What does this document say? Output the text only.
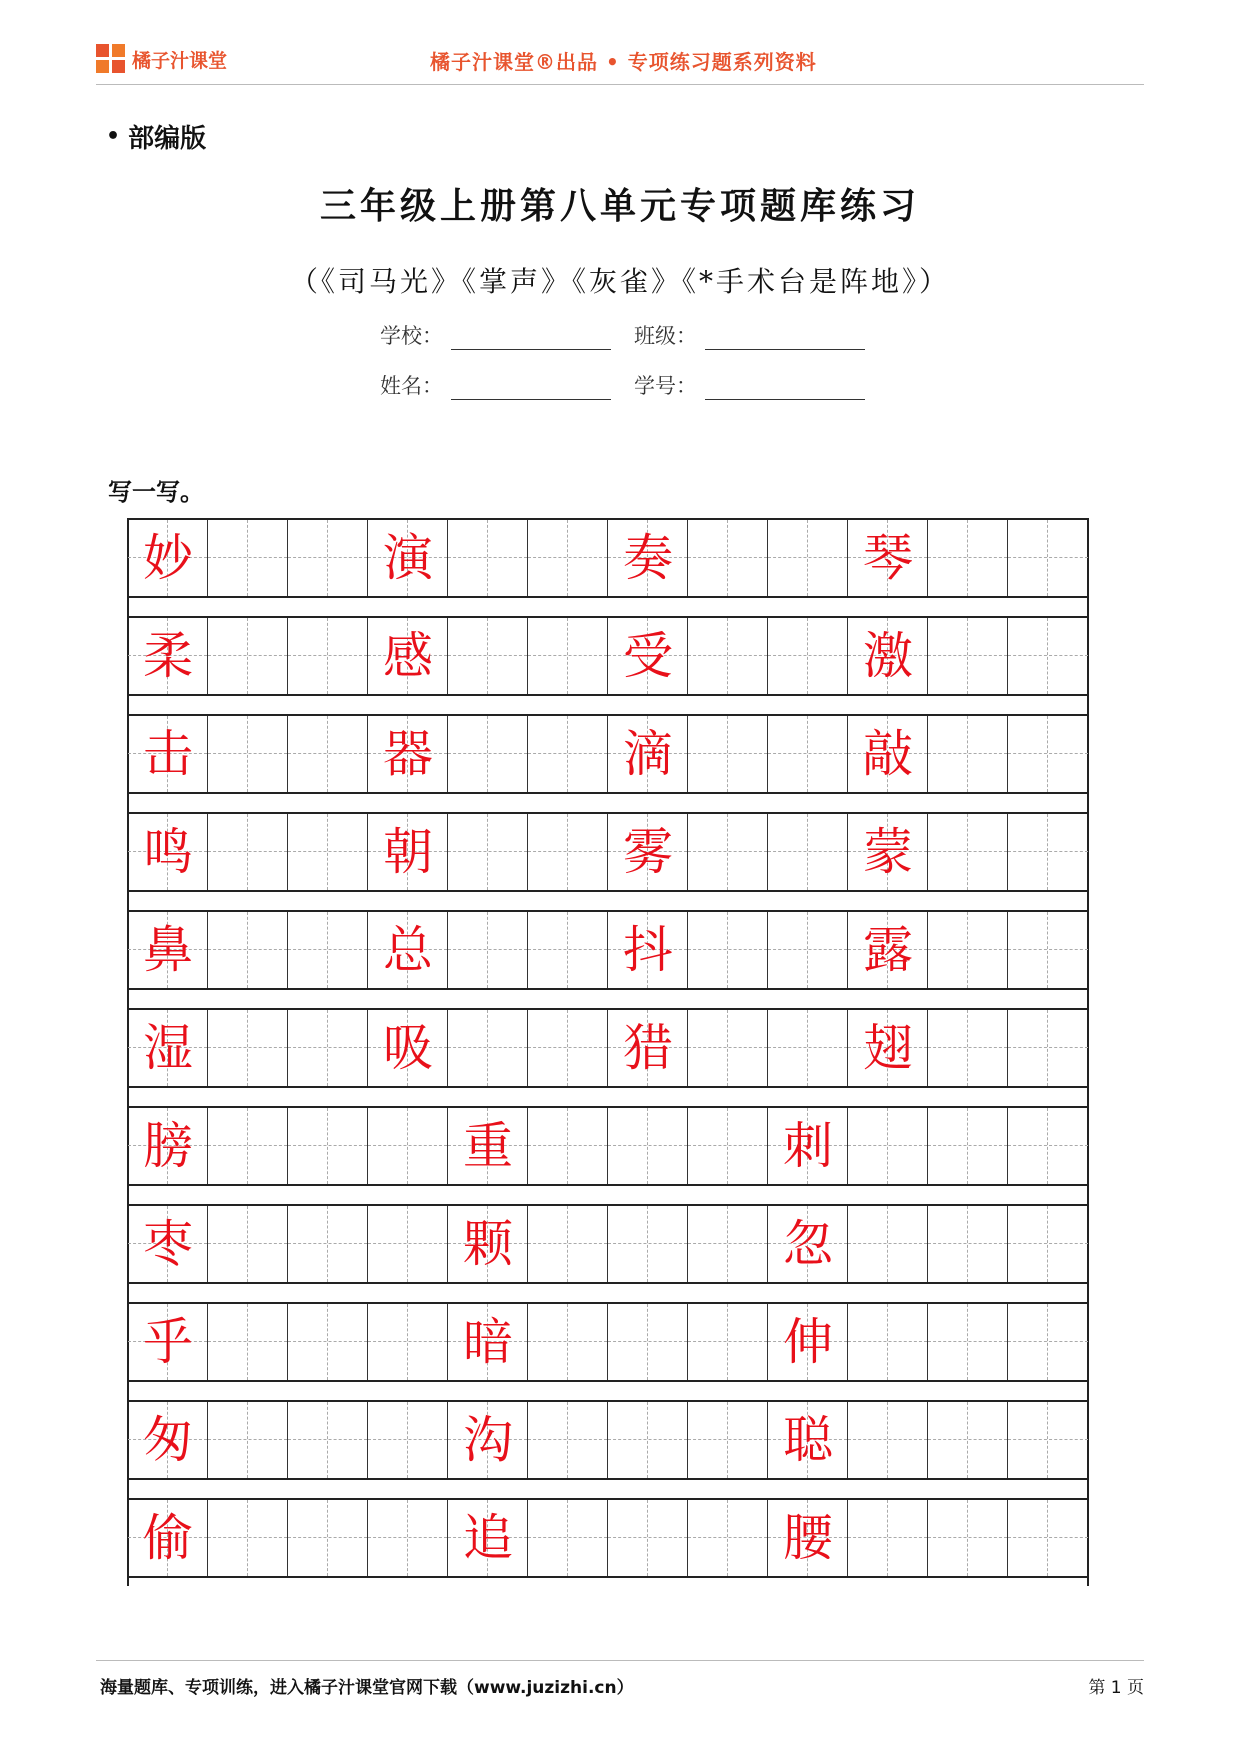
橘子汁课堂	橘子汁课堂®出品 • 专项练习题系列资料
• 部编版
三年级上册第八单元专项题库练习
（《司马光》《掌声》《灰雀》《*手术台是阵地》）
学校：	班级：
姓名：	学号：
写一写。
妙	演	奏	琴
柔	感	受	激
击	器	滴	敲
鸣	朝	雾	蒙
鼻	总	抖	露
湿	吸	猎	翅
膀	重	刺
枣	颗	忽
乎	暗	伸
匆	沟	聪
偷	追	腰
海量题库、专项训练，进入橘子汁课堂官网下载（www.juzizhi.cn）	第 1 页
